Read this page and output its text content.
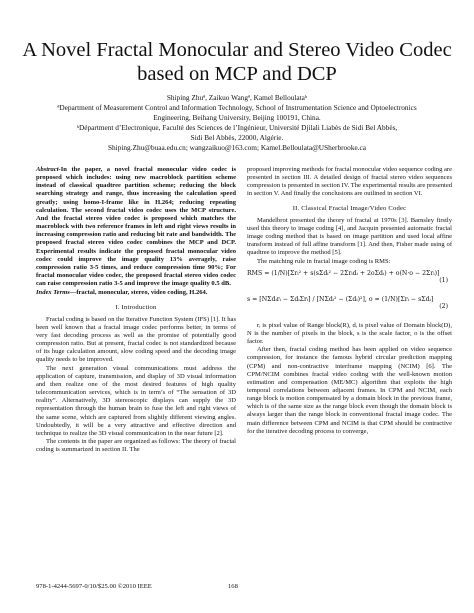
A Novel Fractal Monocular and Stereo Video Codec
based on MCP and DCP
Shiping Zhuª, Zaikuo Wangª, Kamel Belloulataᵇ
ªDepartment of Measurement Control and Information Technology, School of Instrumentation Science and Optoelectronics
Engineering, Beihang University, Beijing 100191, China.
ᵇDépartment d’Electronique, Faculté des Sciences de l’Ingénieur, Université Djilali Liabès de Sidi Bel Abbès,
Sidi Bel Abbès, 22000, Algérie.
Shiping.Zhu@buaa.edu.cn; wangzaikuo@163.com; Kamel.Belloulata@USherbrooke.ca

Abstract-In the paper, a novel fractal monocular video codec is proposed which includes: using new macroblock partition scheme instead of classical quadtree partition scheme; reducing the block searching strategy and range, thus increasing the calculation speed greatly; using homo-I-frame like in H.264; reducing repeating calculation. The second fractal video codec uses the MCP structure. And the fractal stereo video codec is proposed which matches the macroblock with two reference frames in left and right views results in increasing compression ratio and reducing bit rate and bandwidth. The proposed fractal stereo video codec combines the MCP and DCP. Experimental results indicate the proposed fractal monocular video codec could improve the image quality 13% averagely, raise compression ratio 3-5 times, and reduce compression time 90%; For fractal monocular video codec, the proposed fractal stereo video codec can raise compression ratio 3-5 and improve the image quality 0.5 dB.

Index Terms—fractal, monocular, stereo, video coding, H.264.

I. Introduction

Fractal coding is based on the Iterative Function System (IFS) [1]. It has been well known that a fractal image codec performs better, in terms of very fast decoding process as well as the promise of potentially good compression ratio. But at present, fractal codec is not standardized because of its huge calculation amount, slow coding speed and the decoding image quality needs to be improved.

The next generation visual communications must address the application of capture, transmission, and display of 3D visual information and then realize one of the most desired features of high quality telecommunication services, which is in term’s of “The sensation of 3D reality”. Alternatively, 3D stereoscopic displays can supply the 3D representation through the human brain to fuse the left and right views of the same scene, which are captured from slightly different viewing angles. Undoubtedly, it will be a very attractive and effective direction and technique to realize the 3D visual communication in the near future [2].

The contents in the paper are organized as follows: The theory of fractal coding is summarized in section II. The

proposed improving methods for fractal monocular video sequence coding are presented in section III. A detailed design of fractal stereo video sequences compression is presented in section IV. The experimental results are presented in section V. And finally the conclusions are outlined in section VI.

II. Classical Fractal Image/Video Codec

Mandelbrot presented the theory of fractal at 1970s [3]. Barnsley firstly used this theory to image coding [4], and Jacquin presented automatic fractal image coding method that is based on image partition and used local affine transform instead of full affine transform [1]. And then, Fisher made using of quadtree to improve the method [5].

The matching rule in fractal image coding is RMS:

RMS = (1/N)[Σrᵢ² + s(sΣdᵢ² − 2Σrᵢdᵢ + 2oΣdᵢ) + o(N·o − 2Σrᵢ)]
(1)
s = [NΣdᵢrᵢ − ΣdᵢΣrᵢ] / [NΣdᵢ² − (Σdᵢ)²], o = (1/N)[Σrᵢ − sΣdᵢ]
(2)

rᵢ is pixel value of Range block(R), dᵢ is pixel value of Domain block(D), N is the number of pixels in the block, s is the scale factor, o is the offset factor.

After then, fractal coding method has been applied on video sequence compression, for instance the famous hybrid circular prediction mapping (CPM) and non-contractive interframe mapping (NCIM) [6]. The CPM/NCIM combines fractal video coding with the well-known motion estimation and compensation (ME/MC) algorithm that exploits the high temporal correlations between adjacent frames. In CPM and NCIM, each range block is motion compensated by a domain block in the previous frame, which is of the same size as the range block even though the domain block is always larger than the range block in conventional fractal image codec. The main difference between CPM and NCIM is that CPM should be contractive for the iterative decoding process to converge,

978-1-4244-5697-0/10/$25.00 ©2010 IEEE	168
